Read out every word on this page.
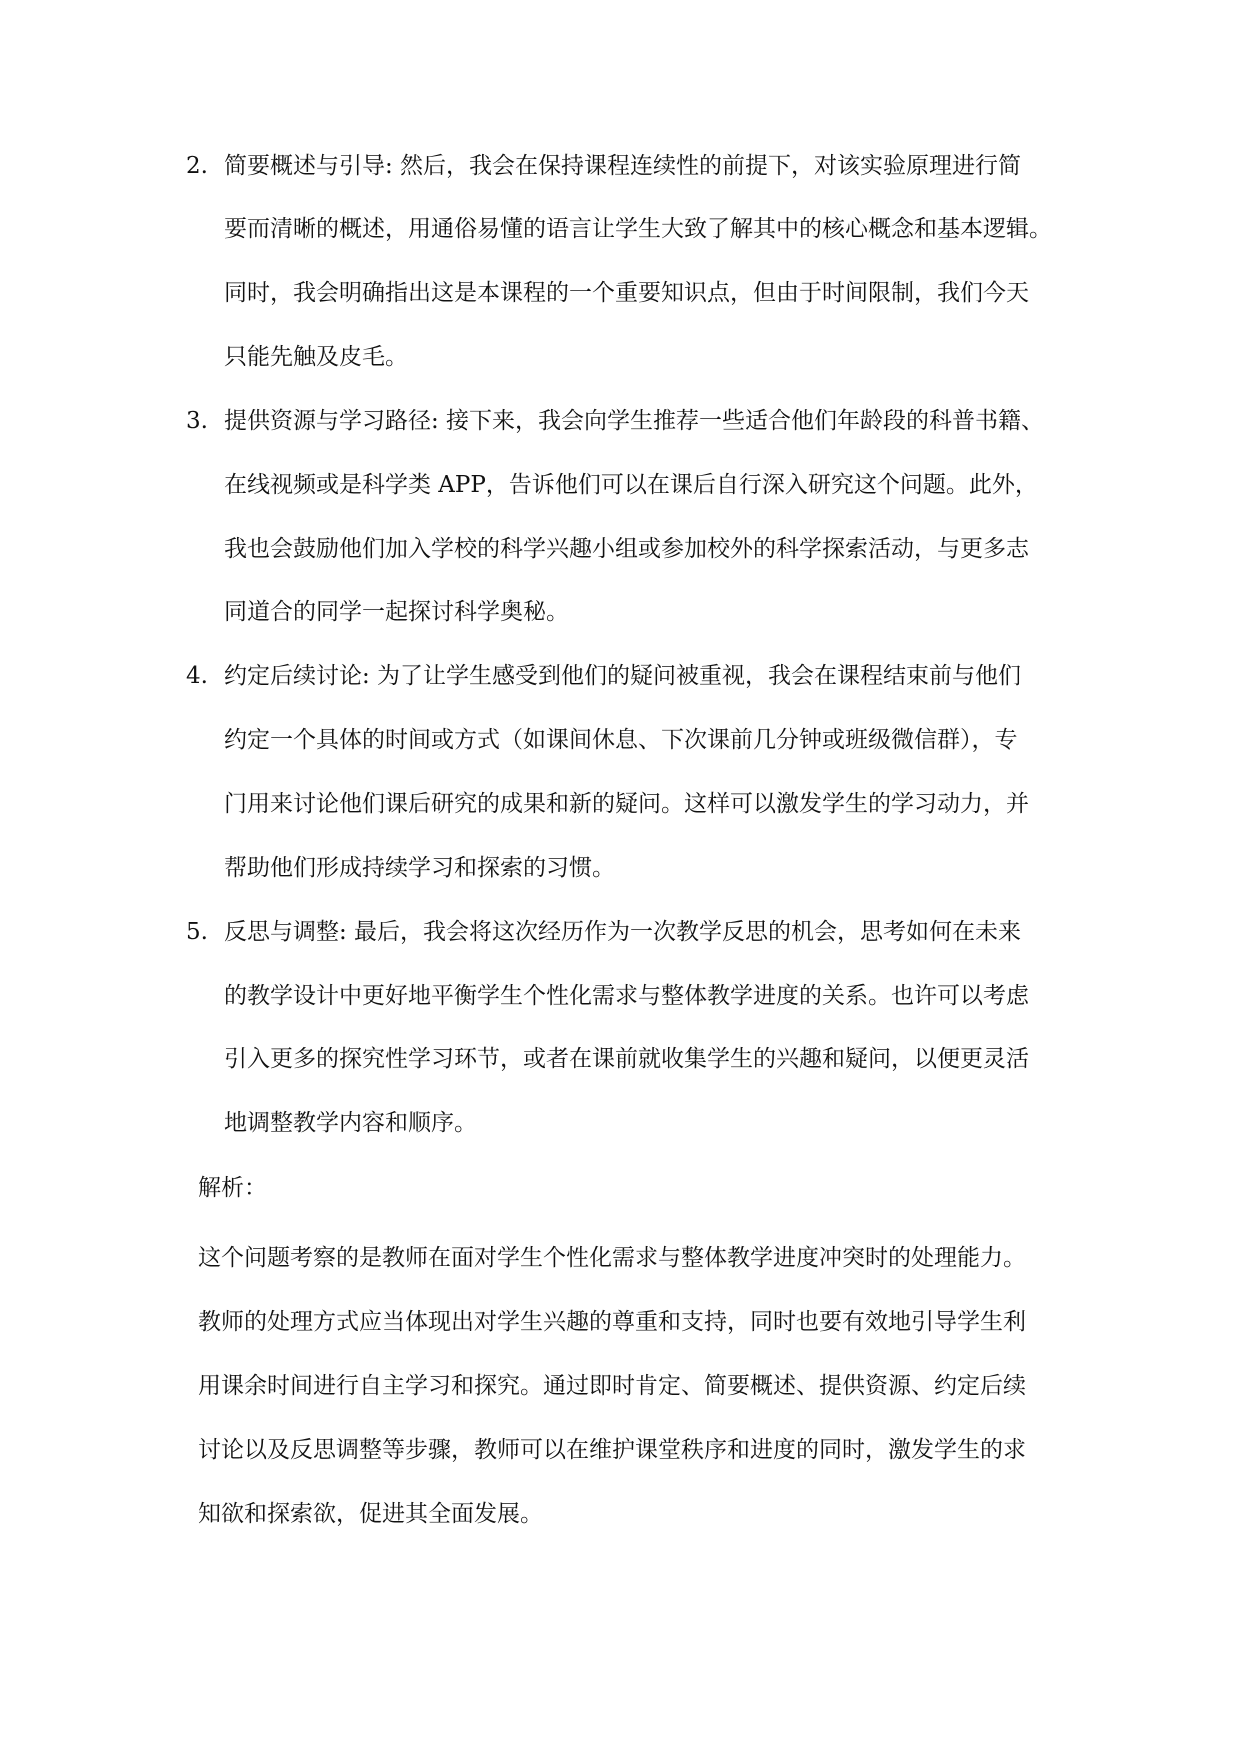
2. 简要概述与引导: 然后，我会在保持课程连续性的前提下，对该实验原理进行简
要而清晰的概述，用通俗易懂的语言让学生大致了解其中的核心概念和基本逻辑。
同时，我会明确指出这是本课程的一个重要知识点，但由于时间限制，我们今天
只能先触及皮毛。
3. 提供资源与学习路径: 接下来，我会向学生推荐一些适合他们年龄段的科普书籍、
在线视频或是科学类 APP，告诉他们可以在课后自行深入研究这个问题。此外，
我也会鼓励他们加入学校的科学兴趣小组或参加校外的科学探索活动，与更多志
同道合的同学一起探讨科学奥秘。
4. 约定后续讨论: 为了让学生感受到他们的疑问被重视，我会在课程结束前与他们
约定一个具体的时间或方式（如课间休息、下次课前几分钟或班级微信群），专
门用来讨论他们课后研究的成果和新的疑问。这样可以激发学生的学习动力，并
帮助他们形成持续学习和探索的习惯。
5. 反思与调整: 最后，我会将这次经历作为一次教学反思的机会，思考如何在未来
的教学设计中更好地平衡学生个性化需求与整体教学进度的关系。也许可以考虑
引入更多的探究性学习环节，或者在课前就收集学生的兴趣和疑问，以便更灵活
地调整教学内容和顺序。
解析：
这个问题考察的是教师在面对学生个性化需求与整体教学进度冲突时的处理能力。
教师的处理方式应当体现出对学生兴趣的尊重和支持，同时也要有效地引导学生利
用课余时间进行自主学习和探究。通过即时肯定、简要概述、提供资源、约定后续
讨论以及反思调整等步骤，教师可以在维护课堂秩序和进度的同时，激发学生的求
知欲和探索欲，促进其全面发展。
